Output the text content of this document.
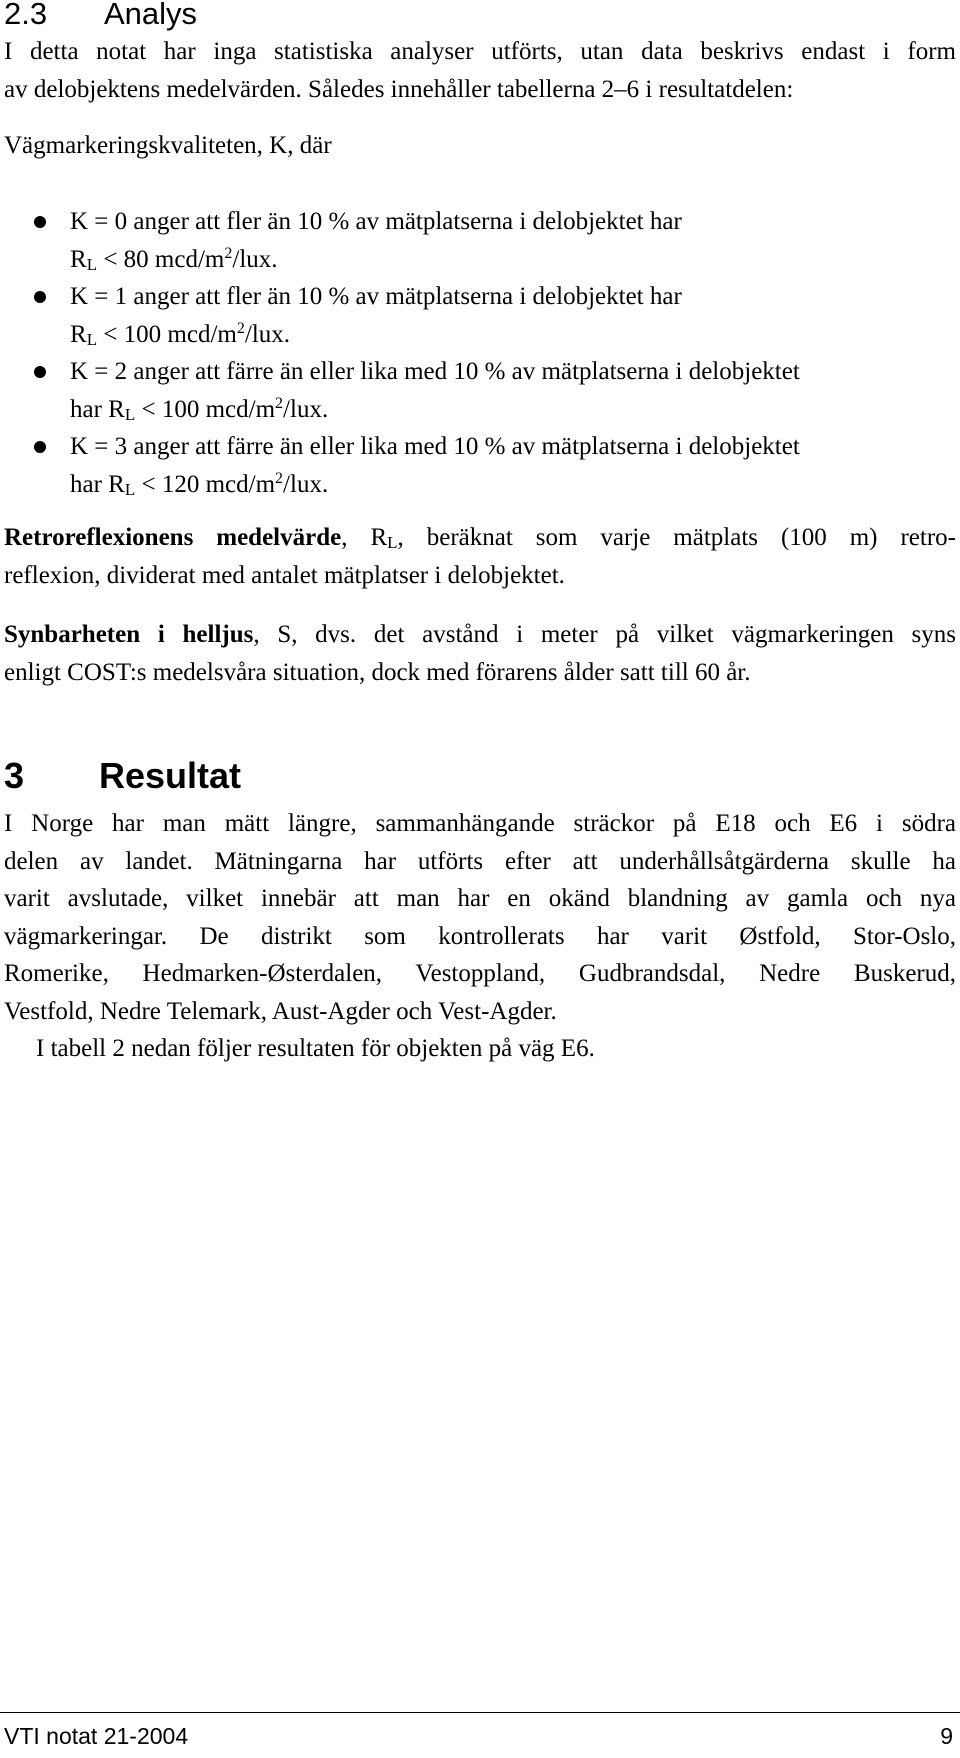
2.3 Analys

I detta notat har inga statistiska analyser utförts, utan data beskrivs endast i form
av delobjektens medelvärden. Således innehåller tabellerna 2–6 i resultatdelen:

Vägmarkeringskvaliteten, K, där

K = 0 anger att fler än 10 % av mätplatserna i delobjektet har
RL < 80 mcd/$m^2$/lux.
K = 1 anger att fler än 10 % av mätplatserna i delobjektet har
RL < 100 mcd/$m^2$/lux.
K = 2 anger att färre än eller lika med 10 % av mätplatserna i delobjektet
har RL < 100 mcd/$m^2$/lux.
K = 3 anger att färre än eller lika med 10 % av mätplatserna i delobjektet
har RL < 120 mcd/$m^2$/lux.

Retroreflexionens medelvärde, RL, beräknat som varje mätplats (100 m) retro-
reflexion, dividerat med antalet mätplatser i delobjektet.

Synbarheten i helljus, S, dvs. det avstånd i meter på vilket vägmarkeringen syns
enligt COST:s medelsvåra situation, dock med förarens ålder satt till 60 år.

3 Resultat

I Norge har man mätt längre, sammanhängande sträckor på E18 och E6 i södra
delen av landet. Mätningarna har utförts efter att underhållsåtgärderna skulle ha
varit avslutade, vilket innebär att man har en okänd blandning av gamla och nya
vägmarkeringar. De distrikt som kontrollerats har varit Østfold, Stor-Oslo,
Romerike, Hedmarken-Østerdalen, Vestoppland, Gudbrandsdal, Nedre Buskerud,
Vestfold, Nedre Telemark, Aust-Agder och Vest-Agder.
I tabell 2 nedan följer resultaten för objekten på väg E6.

VTI notat 21-2004	9
